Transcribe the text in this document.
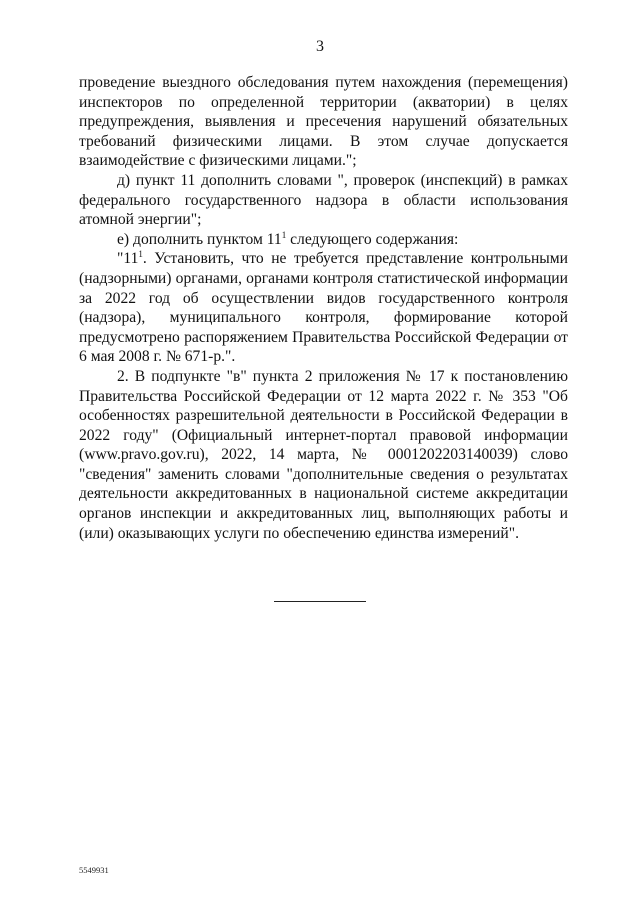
3

проведение выездного обследования путем нахождения (перемещения) инспекторов по определенной территории (акватории) в целях предупреждения, выявления и пресечения нарушений обязательных требований физическими лицами. В этом случае допускается взаимодействие с физическими лицами.";

д) пункт 11 дополнить словами ", проверок (инспекций) в рамках федерального государственного надзора в области использования атомной энергии";

е) дополнить пунктом $11^1$ следующего содержания:

"$11^1$. Установить, что не требуется представление контрольными (надзорными) органами, органами контроля статистической информации за 2022 год об осуществлении видов государственного контроля (надзора), муниципального контроля, формирование которой предусмотрено распоряжением Правительства Российской Федерации от 6 мая 2008 г. № 671-р.".

2. В подпункте "в" пункта 2 приложения № 17 к постановлению Правительства Российской Федерации от 12 марта 2022 г. № 353 "Об особенностях разрешительной деятельности в Российской Федерации в 2022 году" (Официальный интернет-портал правовой информации (www.pravo.gov.ru), 2022, 14 марта, № 0001202203140039) слово "сведения" заменить словами "дополнительные сведения о результатах деятельности аккредитованных в национальной системе аккредитации органов инспекции и аккредитованных лиц, выполняющих работы и (или) оказывающих услуги по обеспечению единства измерений".

5549931
